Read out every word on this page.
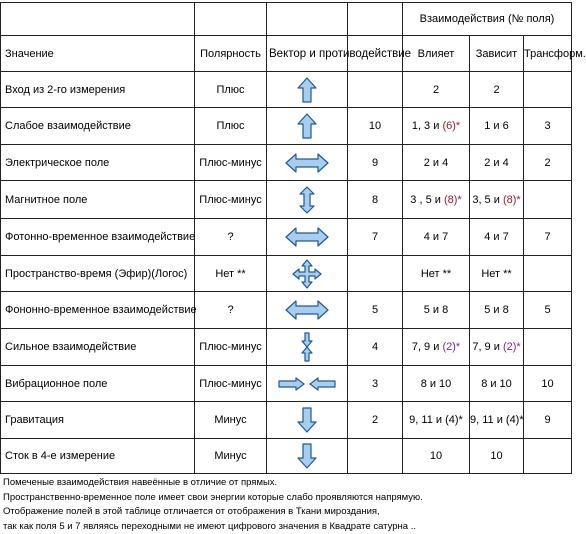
				Взаимодействия (№ поля)		
Значение	Полярность	Вектор и противодействие		Влияет	Зависит	Трансформ.
Вход из 2-го измерения	Плюс			2	2	
Слабое взаимодействие	Плюс		10	1, 3 и (6)*	1 и 6	3
Электрическое поле	Плюс-минус		9	2 и 4	2 и 4	2
Магнитное поле	Плюс-минус		8	3 , 5 и (8)*	3, 5 и (8)*	
Фотонно-временное взаимодействие	?		7	4 и 7	4 и 7	7
Пространство-время (Эфир)(Логос)	Нет **			Нет **	Нет **	
Фононно-временное взаимодействие	?		5	5 и 8	5 и 8	5
Сильное взаимодействие	Плюс-минус		4	7, 9 и (2)*	7, 9 и (2)*	
Вибрационное поле	Плюс-минус		3	8 и 10	8 и 10	10
Гравитация	Минус		2	9, 11 и (4)*	9, 11 и (4)*	9
Сток в 4-е измерение	Минус			10	10	
Помеченые взаимодействия навеённые в отличие от прямых.
Пространственно-временное поле имеет свои энергии которые слабо проявляются напрямую.
Отображение полей в этой таблице отличается от отображения в Ткани мироздания,
так как поля 5 и 7 являясь переходными не имеют цифрового значения в Квадрате сатурна ..
